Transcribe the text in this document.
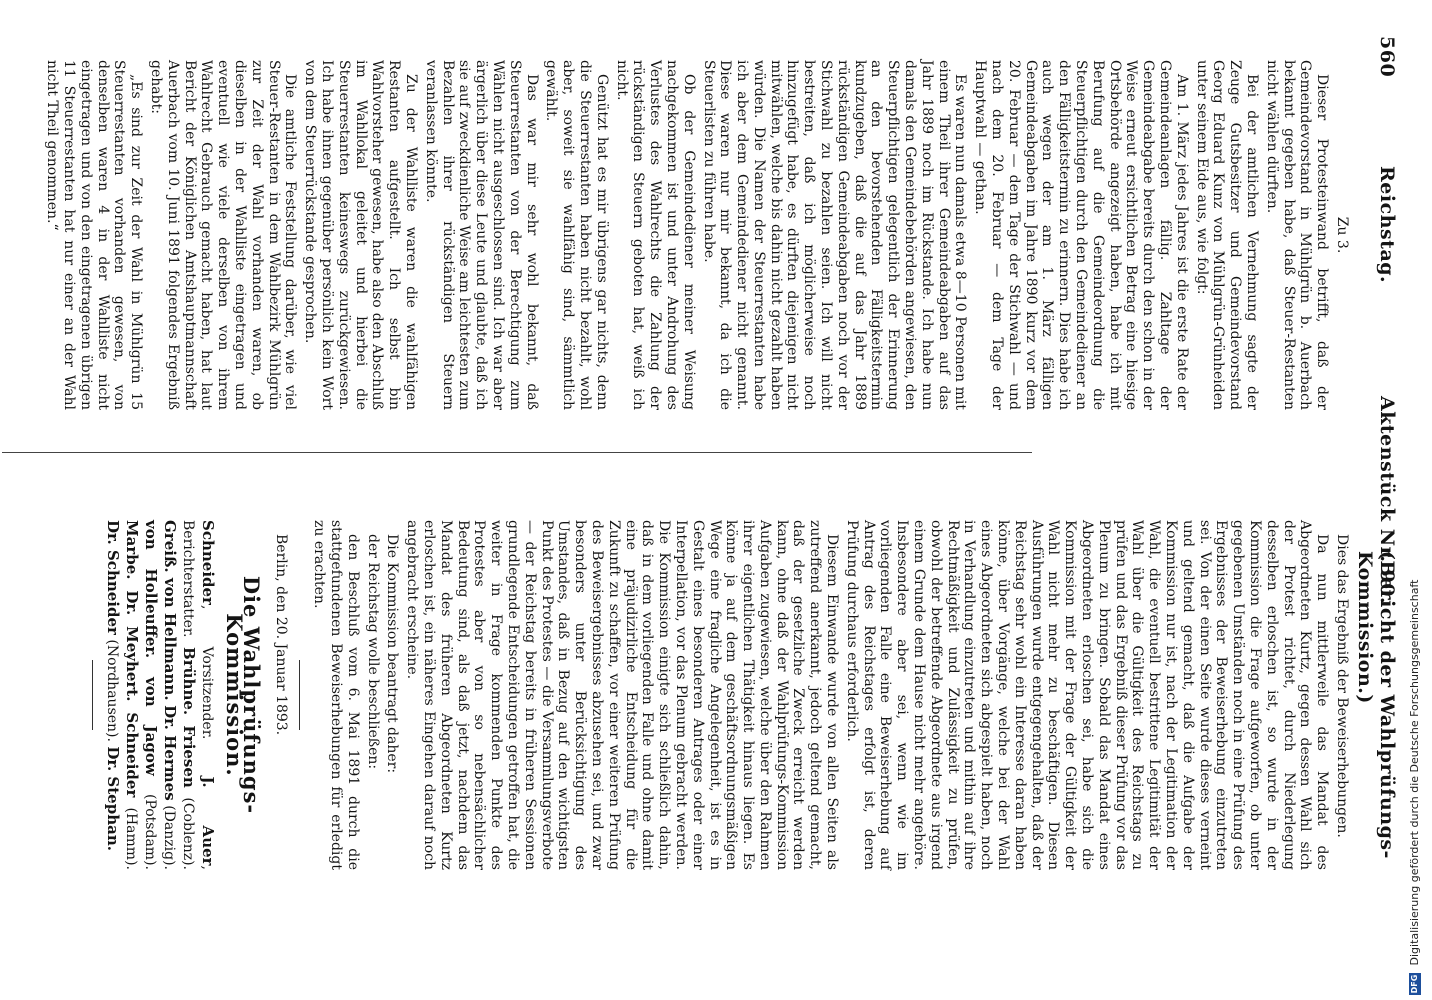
560
Reichstag.
Aktenstück Nr. 90.
(Bericht der Wahlprüfungs-Kommission.)

Zu 3.

Dieser Protesteinwand betrifft, daß der Gemeindevorstand in Mühlgrün b. Auerbach bekannt gegeben habe, daß Steuer-Restanten nicht wählen dürften.

Bei der amtlichen Vernehmung sagte der Zeuge Gutsbesitzer und Gemeindevorstand Georg Eduard Kunz von Mühlgrün-Grünheiden unter seinem Eide aus, wie folgt:

Am 1. März jedes Jahres ist die erste Rate der Gemeindeanlagen fällig. Zahltage der Gemeindeabgabe bereits durch den schon in der Weise erneut ersichtlichen Betrag eine hiesige Ortsbehörde angezeigt haben, habe ich mit Berufung auf die Gemeindeordnung die Steuerpflichtigen durch den Gemeindediener an den Fälligkeitstermin zu erinnern. Dies habe ich auch wegen der am 1. März fälligen Gemeindeabgaben im Jahre 1890 kurz vor dem 20. Februar — dem Tage der Stichwahl — und nach dem 20. Februar — dem Tage der Hauptwahl — gethan.

Es waren nun damals etwa 8—10 Personen mit einem Theil ihrer Gemeindeabgaben auf das Jahr 1889 noch im Rückstande. Ich habe nun damals den Gemeindebehörden angewiesen, den Steuerpflichtigen gelegentlich der Erinnerung an den bevorstehenden Fälligkeitstermin kundzugeben, daß die auf das Jahr 1889 rückständigen Gemeindeabgaben noch vor der Stichwahl zu bezahlen seien. Ich will nicht bestreiten, daß ich möglicherweise noch hinzugefügt habe, es dürften diejenigen nicht mitwählen, welche bis dahin nicht gezahlt haben würden. Die Namen der Steuerrestanten habe ich aber dem Gemeindediener nicht genannt. Diese waren nur mir bekannt, da ich die Steuerlisten zu führen habe.

Ob der Gemeindediener meiner Weisung nachgekommen ist und unter Androhung des Verlustes des Wahlrechts die Zahlung der rückständigen Steuern geboten hat, weiß ich nicht.

Genützt hat es mir übrigens gar nichts, denn die Steuerrestanten haben nicht bezahlt, wohl aber, soweit sie wahlfähig sind, sämmtlich gewählt.

Das war mir sehr wohl bekannt, daß Steuerrestanten von der Berechtigung zum Wählen nicht ausgeschlossen sind. Ich war aber ärgerlich über diese Leute und glaubte, daß ich sie auf zweckdienliche Weise am leichtesten zum Bezahlen ihrer rückständigen Steuern veranlassen könnte.

Zu der Wahlliste waren die wahlfähigen Restanten aufgestellt. Ich selbst bin Wahlvorsteher gewesen, habe also den Abschluß im Wahllokal geleitet und hierbei die Steuerrestanten keineswegs zurückgewiesen. Ich habe ihnen gegenüber persönlich kein Wort von dem Steuerrückstande gesprochen.

Die amtliche Feststellung darüber, wie viel Steuer-Restanten in dem Wahlbezirk Mühlgrün zur Zeit der Wahl vorhanden waren, ob dieselben in der Wahlliste eingetragen und eventuell wie viele derselben von ihrem Wahlrecht Gebrauch gemacht haben, hat laut Bericht der Königlichen Amtshauptmannschaft Auerbach vom 10. Juni 1891 folgendes Ergebniß gehabt:

„Es sind zur Zeit der Wahl in Mühlgrün 15 Steuerrestanten vorhanden gewesen, von denselben waren 4 in der Wahlliste nicht eingetragen und von den eingetragenen übrigen 11 Steuerrestanten hat nur einer an der Wahl nicht Theil genommen.“

Dies das Ergebniß der Beweiserhebungen.

Da nun mittlerweile das Mandat des Abgeordneten Kurtz, gegen dessen Wahl sich der Protest richtet, durch Niederlegung desselben erloschen ist, so wurde in der Kommission die Frage aufgeworfen, ob unter gegebenen Umständen noch in eine Prüfung des Ergebnisses der Beweiserhebung einzutreten sei. Von der einen Seite wurde dieses verneint und geltend gemacht, daß die Aufgabe der Kommission nur ist, nach der Legitimation der Wahl, die eventuell bestrittene Legitimität der Wahl über die Gültigkeit des Reichstags zu prüfen und das Ergebniß dieser Prüfung vor das Plenum zu bringen. Sobald das Mandat eines Abgeordneten erloschen sei, habe sich die Kommission mit der Frage der Gültigkeit der Wahl nicht mehr zu beschäftigen. Diesen Ausführungen wurde entgegengehalten, daß der Reichstag sehr wohl ein Interesse daran haben könne, über Vorgänge, welche bei der Wahl eines Abgeordneten sich abgespielt haben, noch in Verhandlung einzutreten und mithin auf ihre Rechtmäßigkeit und Zulässigkeit zu prüfen, obwohl der betreffende Abgeordnete aus irgend einem Grunde dem Hause nicht mehr angehöre. Insbesondere aber sei, wenn wie im vorliegenden Falle eine Beweiserhebung auf Antrag des Reichstages erfolgt ist, deren Prüfung durchaus erforderlich.

Diesem Einwande wurde von allen Seiten als zutreffend anerkannt, jedoch geltend gemacht, daß der gesetzliche Zweck erreicht werden kann, ohne daß der Wahlprüfungs-Kommission Aufgaben zugewiesen, welche über den Rahmen ihrer eigentlichen Thätigkeit hinaus liegen. Es könne ja auf dem geschäftsordnungsmäßigen Wege eine fragliche Angelegenheit, ist es in Gestalt eines besonderen Antrages oder einer Interpellation, vor das Plenum gebracht werden. Die Kommission einigte sich schließlich dahin, daß in dem vorliegenden Falle und ohne damit eine präjudizirliche Entscheidung für die Zukunft zu schaffen, vor einer weiteren Prüfung des Beweisergebnisses abzusehen sei, und zwar besonders unter Berücksichtigung des Umstandes, daß in Bezug auf den wichtigsten Punkt des Protestes — die Versammlungsverbote — der Reichstag bereits in früheren Sessionen grundlegende Entscheidungen getroffen hat, die weiter in Frage kommenden Punkte des Protestes aber von so nebensächlicher Bedeutung sind, als daß jetzt, nachdem das Mandat des früheren Abgeordneten Kurtz erloschen ist, ein näheres Eingehen darauf noch angebracht erscheine.

Die Kommission beantragt daher:

der Reichstag wolle beschließen:

den Beschluß vom 6. Mai 1891 durch die stattgefundenen Beweiserhebungen für erledigt zu erachten.

Berlin, den 20. Januar 1893.

Die Wahlprüfungs-Kommission.
Schneider, Vorsitzender. J. Auer, Berichterstatter. Brühne. Friesen (Coblenz). Greiß. von Hellmann. Dr. Hermes (Danzig). von Holleuffer. von Jagow (Potsdam). Marbe. Dr. Meyhert. Schneider (Hamm). Dr. Schneider (Nordhausen). Dr. Stephan.
DFG Digitalisierung gefördert durch die Deutsche Forschungsgemeinschaft
